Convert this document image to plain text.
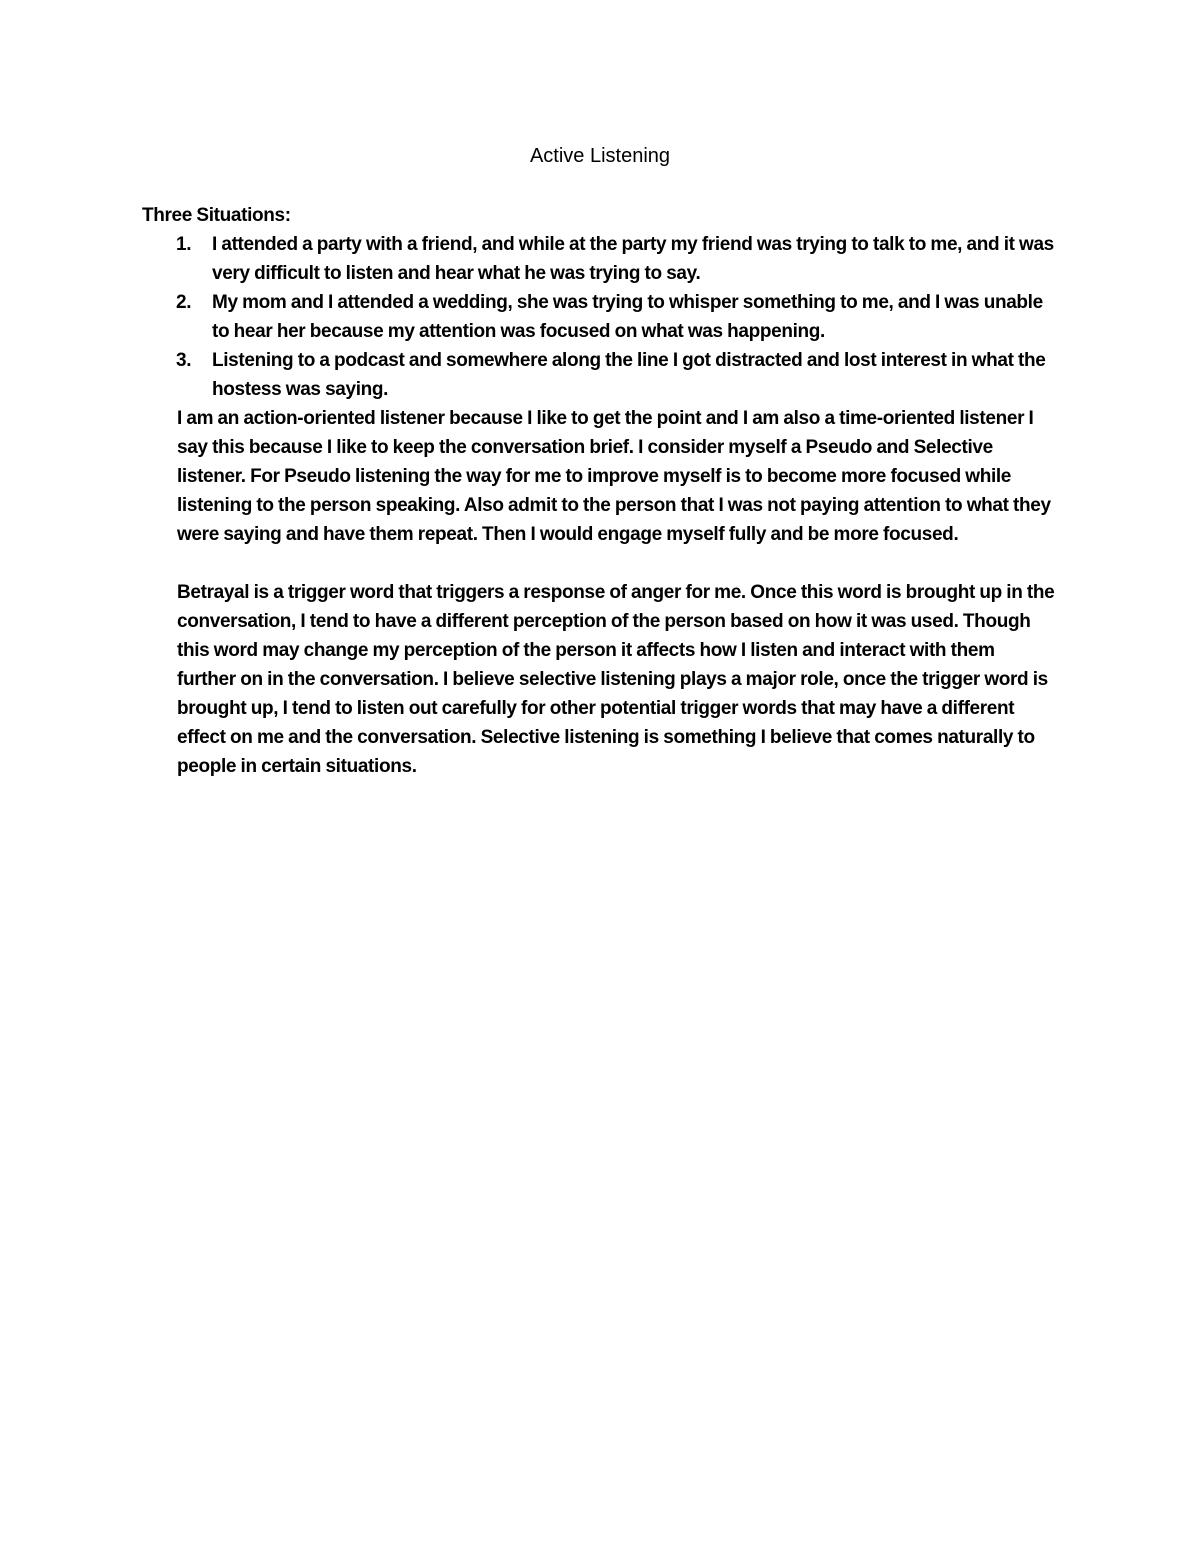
Active Listening

Three Situations:

1. I attended a party with a friend, and while at the party my friend was trying to talk to me, and it was very difficult to listen and hear what he was trying to say.
2. My mom and I attended a wedding, she was trying to whisper something to me, and I was unable to hear her because my attention was focused on what was happening.
3. Listening to a podcast and somewhere along the line I got distracted and lost interest in what the hostess was saying.

I am an action-oriented listener because I like to get the point and I am also a time-oriented listener I say this because I like to keep the conversation brief. I consider myself a Pseudo and Selective listener. For Pseudo listening the way for me to improve myself is to become more focused while listening to the person speaking. Also admit to the person that I was not paying attention to what they were saying and have them repeat. Then I would engage myself fully and be more focused.

Betrayal is a trigger word that triggers a response of anger for me. Once this word is brought up in the conversation, I tend to have a different perception of the person based on how it was used. Though this word may change my perception of the person it affects how I listen and interact with them further on in the conversation. I believe selective listening plays a major role, once the trigger word is brought up, I tend to listen out carefully for other potential trigger words that may have a different effect on me and the conversation. Selective listening is something I believe that comes naturally to people in certain situations.
